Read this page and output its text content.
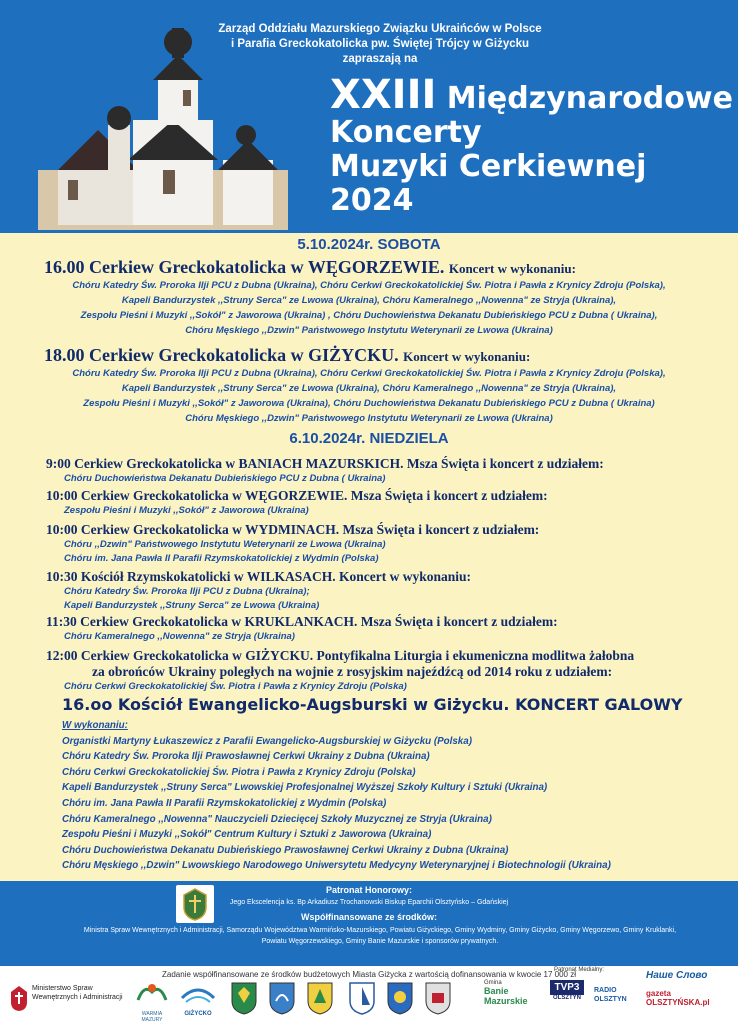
Zarząd Oddziału Mazurskiego Związku Ukraińców w Polsce
i Parafia Greckokatolicka pw. Świętej Trójcy w Giżycku
zapraszają na
XXIII Międzynarodowe
Koncerty
Muzyki Cerkiewnej
2024
5.10.2024r. SOBOTA
16.00 Cerkiew Greckokatolicka w WĘGORZEWIE. Koncert w wykonaniu:
Chóru Katedry Św. Proroka Ilji PCU z Dubna (Ukraina), Chóru Cerkwi Greckokatolickiej Św. Piotra i Pawła z Krynicy Zdroju (Polska),
Kapeli Bandurzystek ,,Struny Serca" ze Lwowa (Ukraina), Chóru Kameralnego ,,Nowenna" ze Stryja (Ukraina),
Zespołu Pieśni i Muzyki ,,Sokół" z Jaworowa (Ukraina) , Chóru Duchowieństwa Dekanatu Dubieńskiego PCU z Dubna ( Ukraina),
Chóru Męskiego ,,Dzwin" Państwowego Instytutu Weterynarii ze Lwowa (Ukraina)
18.00 Cerkiew Greckokatolicka w GIŻYCKU. Koncert w wykonaniu:
Chóru Katedry Św. Proroka Ilji PCU z Dubna (Ukraina), Chóru Cerkwi Greckokatolickiej Św. Piotra i Pawła z Krynicy Zdroju (Polska),
Kapeli Bandurzystek ,,Struny Serca" ze Lwowa (Ukraina), Chóru Kameralnego ,,Nowenna" ze Stryja (Ukraina),
Zespołu Pieśni i Muzyki ,,Sokół" z Jaworowa (Ukraina), Chóru Duchowieństwa Dekanatu Dubieńskiego PCU z Dubna ( Ukraina)
Chóru Męskiego ,,Dzwin" Państwowego Instytutu Weterynarii ze Lwowa (Ukraina)
6.10.2024r. NIEDZIELA
9:00 Cerkiew Greckokatolicka w BANIACH MAZURSKICH. Msza Święta i koncert z udziałem:
Chóru Duchowieństwa Dekanatu Dubieńskiego PCU z Dubna ( Ukraina)
10:00 Cerkiew Greckokatolicka w WĘGORZEWIE. Msza Święta i koncert z udziałem:
Zespołu Pieśni i Muzyki ,,Sokół" z Jaworowa (Ukraina)
10:00 Cerkiew Greckokatolicka w WYDMINACH. Msza Święta i koncert z udziałem:
Chóru ,,Dzwin" Państwowego Instytutu Weterynarii ze Lwowa (Ukraina)
Chóru im. Jana Pawła II Parafii Rzymskokatolickiej z Wydmin (Polska)
10:30 Kościół Rzymskokatolicki w WILKASACH. Koncert w wykonaniu:
Chóru Katedry Św. Proroka Ilji PCU z Dubna (Ukraina);
Kapeli Bandurzystek ,,Struny Serca" ze Lwowa (Ukraina)
11:30 Cerkiew Greckokatolicka w KRUKLANKACH. Msza Święta i koncert z udziałem:
Chóru Kameralnego ,,Nowenna" ze Stryja (Ukraina)
12:00 Cerkiew Greckokatolicka w GIŻYCKU. Pontyfikalna Liturgia i ekumeniczna modlitwa żałobna
za obrońców Ukrainy poległych na wojnie z rosyjskim najeźdźcą od 2014 roku z udziałem:
Chóru Cerkwi Greckokatolickiej Św. Piotra i Pawła z Krynicy Zdroju (Polska)
16.oo Kościół Ewangelicko-Augsburski w Giżycku. KONCERT GALOWY
W wykonaniu:
Organistki Martyny Łukaszewicz z Parafii Ewangelicko-Augsburskiej w Giżycku (Polska)
Chóru Katedry Św. Proroka Ilji Prawosławnej Cerkwi Ukrainy z Dubna (Ukraina)
Chóru Cerkwi Greckokatolickiej Św. Piotra i Pawła z Krynicy Zdroju (Polska)
Kapeli Bandurzystek ,,Struny Serca" Lwowskiej Profesjonalnej Wyższej Szkoły Kultury i Sztuki (Ukraina)
Chóru im. Jana Pawła II Parafii Rzymskokatolickiej z Wydmin (Polska)
Chóru Kameralnego ,,Nowenna" Nauczycieli Dziecięcej Szkoły Muzycznej ze Stryja (Ukraina)
Zespołu Pieśni i Muzyki ,,Sokół" Centrum Kultury i Sztuki z Jaworowa (Ukraina)
Chóru Duchowieństwa Dekanatu Dubieńskiego Prawosławnej Cerkwi Ukrainy z Dubna (Ukraina)
Chóru Męskiego ,,Dzwin" Lwowskiego Narodowego Uniwersytetu Medycyny Weterynaryjnej i Biotechnologii (Ukraina)
Patronat Honorowy:
Jego Ekscelencja ks. Bp Arkadiusz Trochanowski Biskup Eparchii Olsztyńsko – Gdańskiej
Współfinansowane ze środków:
Ministra Spraw Wewnętrznych i Administracji, Samorządu Województwa Warmińsko-Mazurskiego, Powiatu Giżyckiego, Gminy Wydminy, Gminy Giżycko, Gminy Węgorzewo, Gminy Kruklanki, Powiatu Węgorzewskiego, Gminy Banie Mazurskie i sponsorów prywatnych.
Zadanie współfinansowane ze środków budżetowych Miasta Giżycka z wartością dofinansowania w kwocie 17 000 zł
Ministerstwo Spraw Wewnętrznych i Administracji
WARMIA MAZURY
GIŻYCKO
Gmina
Banie Mazurskie
TVP3
OLSZTYN
Patronat Medialny:
RADIO OLSZTYN
Наше Слово
gazeta OLSZTYŃSKA.pl
